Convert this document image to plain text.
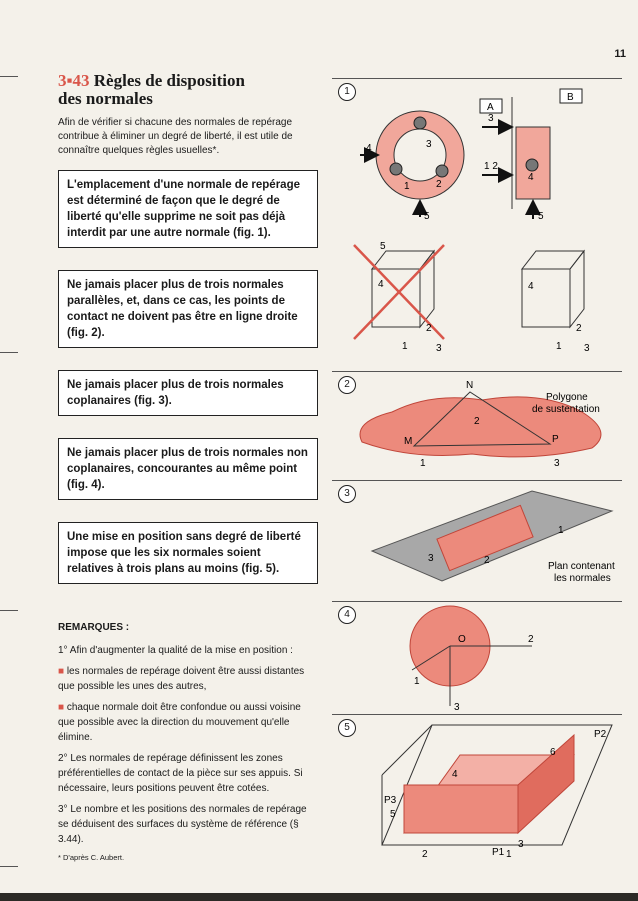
11
3▪43 Règles de disposition
des normales

Afin de vérifier si chacune des normales de repérage contribue à éliminer un degré de liberté, il est utile de connaître quelques règles usuelles*.

L'emplacement d'une normale de repérage est déterminé de façon que le degré de liberté qu'elle supprime ne soit pas déjà interdit par une autre normale (fig. 1).
Ne jamais placer plus de trois normales parallèles, et, dans ce cas, les points de contact ne doivent pas être en ligne droite (fig. 2).
Ne jamais placer plus de trois normales coplanaires (fig. 3).
Ne jamais placer plus de trois normales non coplanaires, concourantes au même point (fig. 4).
Une mise en position sans degré de liberté impose que les six normales soient relatives à trois plans au moins (fig. 5).
REMARQUES :

1° Afin d'augmenter la qualité de la mise en position :

■ les normales de repérage doivent être aussi distantes que possible les unes des autres,

■ chaque normale doit être confondue ou aussi voisine que possible avec la direction du mouvement qu'elle élimine.

2° Les normales de repérage définissent les zones préférentielles de contact de la pièce sur ses appuis. Si nécessaire, leurs positions peuvent être cotées.

3° Le nombre et les positions des normales de repérage se déduisent des surfaces du système de référence (§ 3.44).

* D'après C. Aubert.
1
4	3
2
1
5
A
B
3
1 2
4
5
5
4
1
2
3
4
1
2
3
2
Polygone
de sustentation
N
M	P
2
1	3
3
1
2
3
Plan contenant
les normales
4
O
1
2
3
5
P2
P3
P1
4
6
5
2
3
1
